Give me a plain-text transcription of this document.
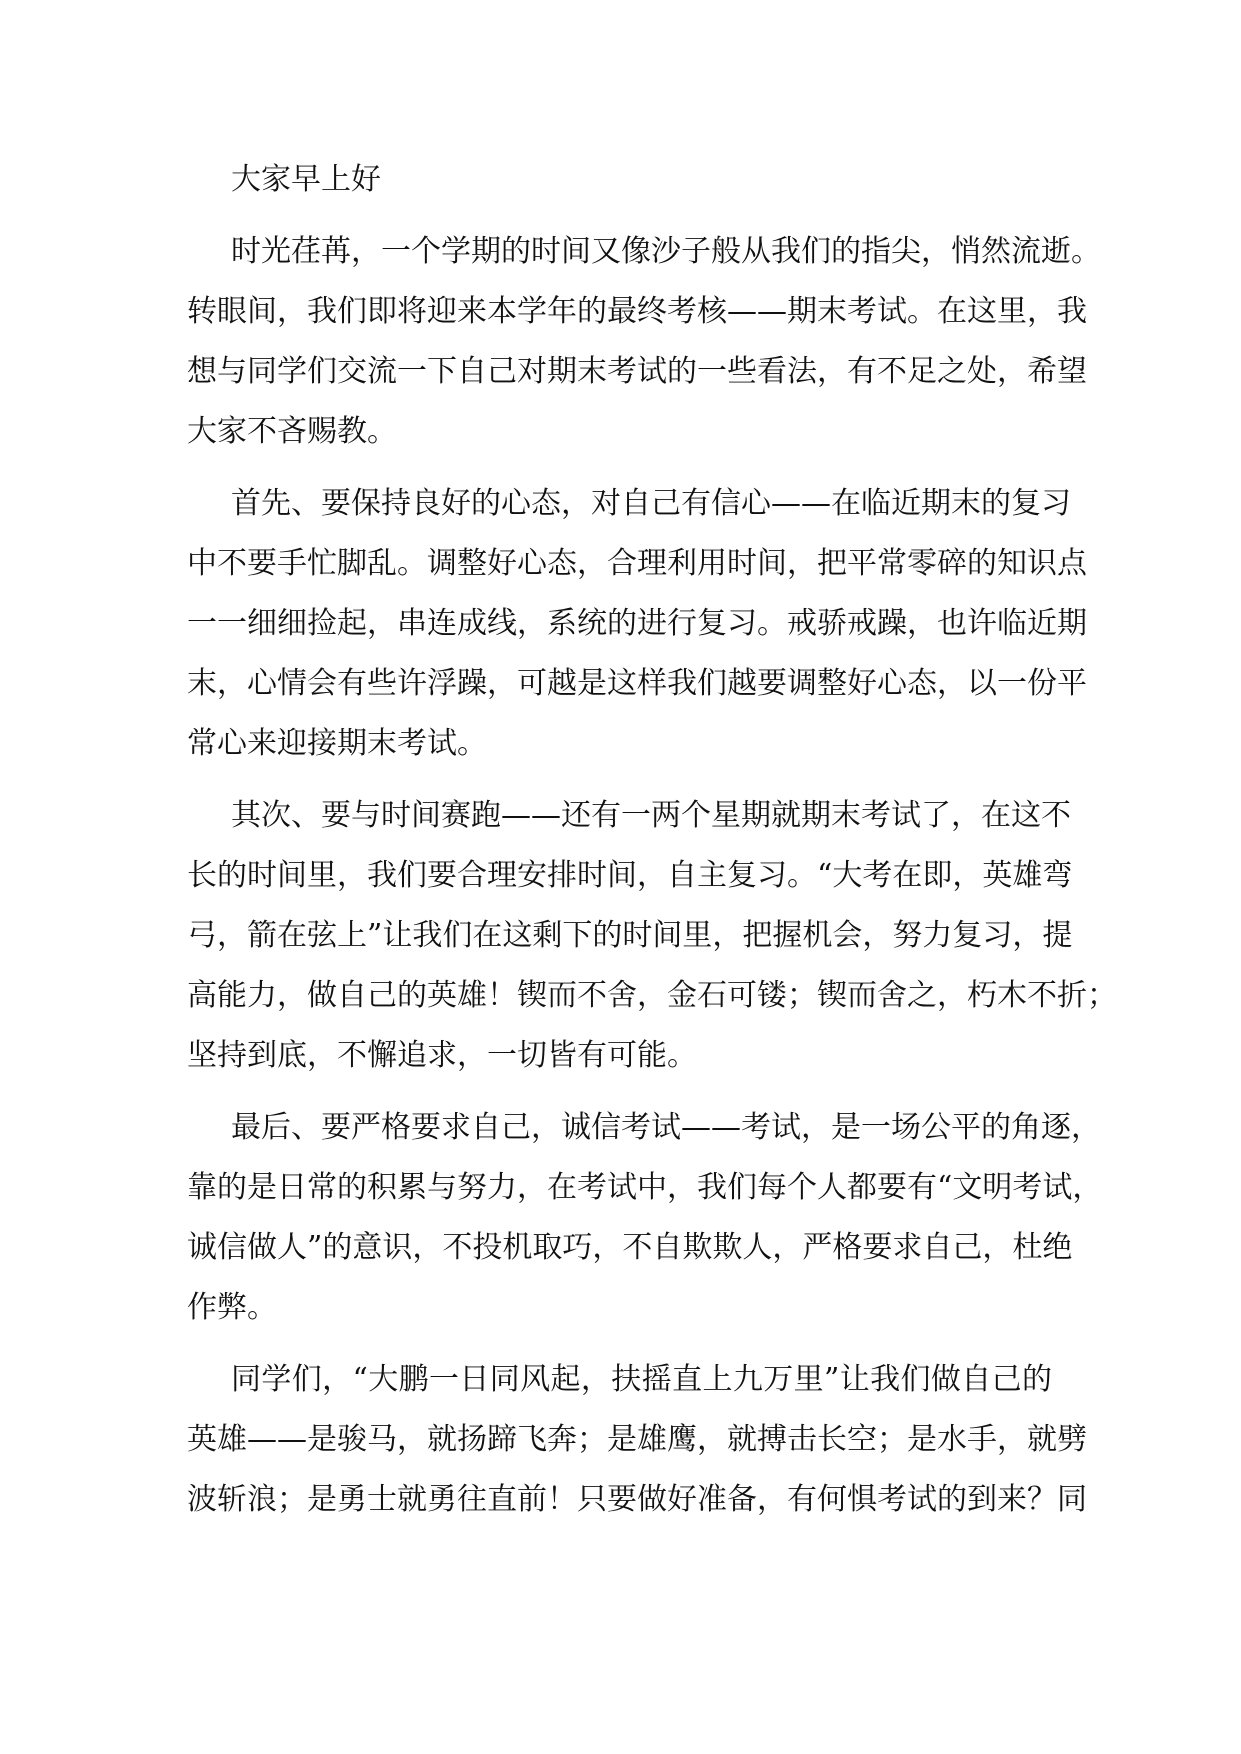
大家早上好
时光荏苒，一个学期的时间又像沙子般从我们的指尖，悄然流逝。
转眼间，我们即将迎来本学年的最终考核——期末考试。在这里，我
想与同学们交流一下自己对期末考试的一些看法，有不足之处，希望
大家不吝赐教。
首先、要保持良好的心态，对自己有信心——在临近期末的复习
中不要手忙脚乱。调整好心态，合理利用时间，把平常零碎的知识点
一一细细捡起，串连成线，系统的进行复习。戒骄戒躁，也许临近期
末，心情会有些许浮躁，可越是这样我们越要调整好心态，以一份平
常心来迎接期末考试。
其次、要与时间赛跑——还有一两个星期就期末考试了，在这不
长的时间里，我们要合理安排时间，自主复习。“大考在即，英雄弯
弓，箭在弦上”让我们在这剩下的时间里，把握机会，努力复习，提
高能力，做自己的英雄！锲而不舍，金石可镂；锲而舍之，朽木不折；
坚持到底，不懈追求，一切皆有可能。
最后、要严格要求自己，诚信考试——考试，是一场公平的角逐，
靠的是日常的积累与努力，在考试中，我们每个人都要有“文明考试，
诚信做人”的意识，不投机取巧，不自欺欺人，严格要求自己，杜绝
作弊。
同学们，“大鹏一日同风起，扶摇直上九万里”让我们做自己的
英雄——是骏马，就扬蹄飞奔；是雄鹰，就搏击长空；是水手，就劈
波斩浪；是勇士就勇往直前！只要做好准备，有何惧考试的到来？同
